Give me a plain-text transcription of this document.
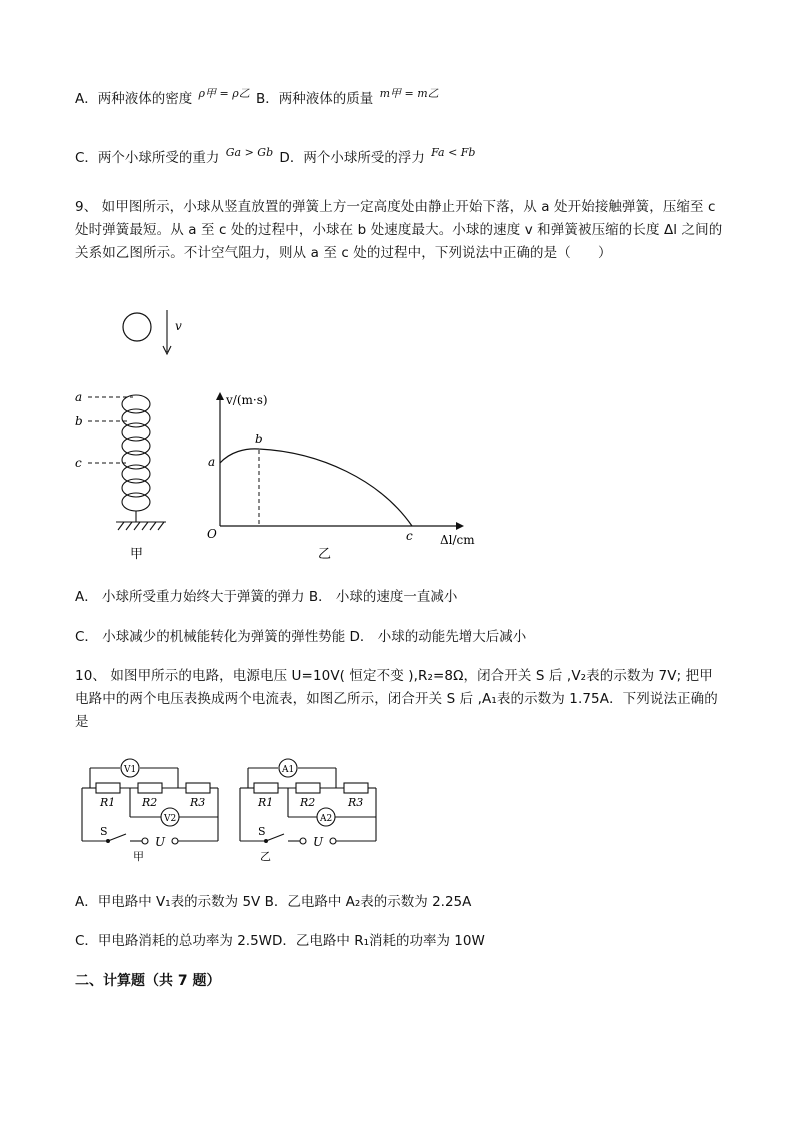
A．两种液体的密度 ρ甲 = ρ乙 B．两种液体的质量 m甲 = m乙
C．两个小球所受的重力 Ga > Gb D．两个小球所受的浮力 Fa < Fb
9、 如甲图所示，小球从竖直放置的弹簧上方一定高度处由静止开始下落，从 a 处开始接触弹簧，压缩至 c 处时弹簧最短。从 a 至 c 处的过程中，小球在 b 处速度最大。小球的速度 v 和弹簧被压缩的长度 Δl 之间的关系如乙图所示。不计空气阻力，则从 a 至 c 处的过程中，下列说法中正确的是（　　）
v
a
b
c
甲
v/(m·s)
Δl/cm
O
a
b
c
乙
A． 小球所受重力始终大于弹簧的弹力 B． 小球的速度一直减小
C． 小球减少的机械能转化为弹簧的弹性势能 D． 小球的动能先增大后减小
10、 如图甲所示的电路，电源电压 U=10V( 恒定不变 ),R₂=8Ω，闭合开关 S 后 ,V₂表的示数为 7V; 把甲电路中的两个电压表换成两个电流表，如图乙所示，闭合开关 S 后 ,A₁表的示数为 1.75A．下列说法正确的是
V1
V2
R1 R2	R3
S
U
甲
A1
A2
R1 R2	R3
S
U
乙
A．甲电路中 V₁表的示数为 5V B．乙电路中 A₂表的示数为 2.25A
C．甲电路消耗的总功率为 2.5WD．乙电路中 R₁消耗的功率为 10W
二、计算题（共 7 题）
